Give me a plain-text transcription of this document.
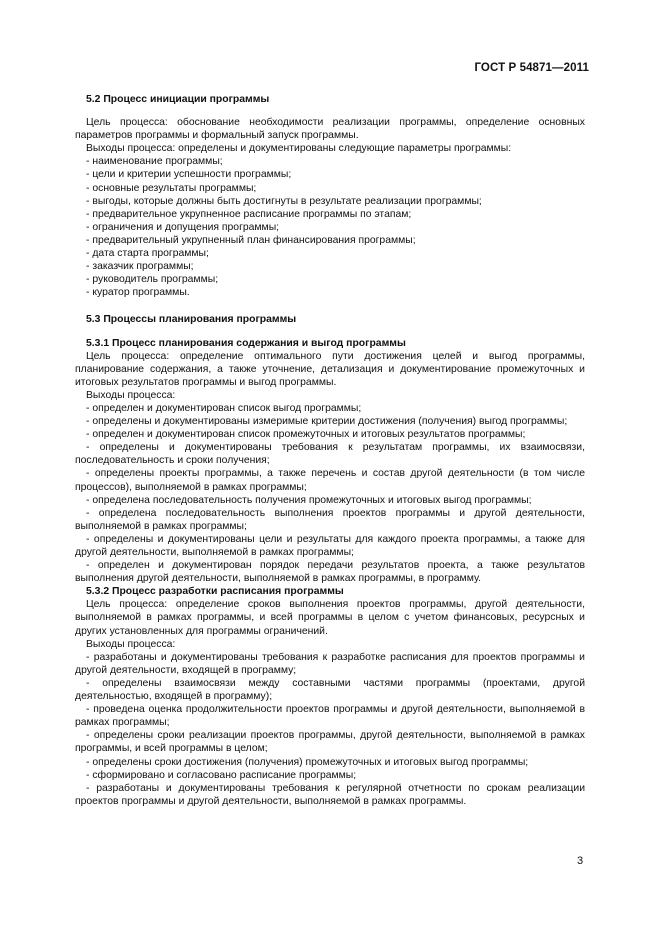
ГОСТ Р 54871—2011

5.2 Процесс инициации программы

Цель процесса: обоснование необходимости реализации программы, определение основных параметров программы и формальный запуск программы.

Выходы процесса: определены и документированы следующие параметры программы:

- наименование программы;

- цели и критерии успешности программы;

- основные результаты программы;

- выгоды, которые должны быть достигнуты в результате реализации программы;

- предварительное укрупненное расписание программы по этапам;

- ограничения и допущения программы;

- предварительный укрупненный план финансирования программы;

- дата старта программы;

- заказчик программы;

- руководитель программы;

- куратор программы.

5.3 Процессы планирования программы

5.3.1 Процесс планирования содержания и выгод программы

Цель процесса: определение оптимального пути достижения целей и выгод программы, планирование содержания, а также уточнение, детализация и документирование промежуточных и итоговых результатов программы и выгод программы.

Выходы процесса:

- определен и документирован список выгод программы;

- определены и документированы измеримые критерии достижения (получения) выгод программы;

- определен и документирован список промежуточных и итоговых результатов программы;

- определены и документированы требования к результатам программы, их взаимосвязи, последовательность и сроки получения;

- определены проекты программы, а также перечень и состав другой деятельности (в том числе процессов), выполняемой в рамках программы;

- определена последовательность получения промежуточных и итоговых выгод программы;

- определена последовательность выполнения проектов программы и другой деятельности, выполняемой в рамках программы;

- определены и документированы цели и результаты для каждого проекта программы, а также для другой деятельности, выполняемой в рамках программы;

- определен и документирован порядок передачи результатов проекта, а также результатов выполнения другой деятельности, выполняемой в рамках программы, в программу.

5.3.2 Процесс разработки расписания программы

Цель процесса: определение сроков выполнения проектов программы, другой деятельности, выполняемой в рамках программы, и всей программы в целом с учетом финансовых, ресурсных и других установленных для программы ограничений.

Выходы процесса:

- разработаны и документированы требования к разработке расписания для проектов программы и другой деятельности, входящей в программу;

- определены взаимосвязи между составными частями программы (проектами, другой деятельностью, входящей в программу);

- проведена оценка продолжительности проектов программы и другой деятельности, выполняемой в рамках программы;

- определены сроки реализации проектов программы, другой деятельности, выполняемой в рамках программы, и всей программы в целом;

- определены сроки достижения (получения) промежуточных и итоговых выгод программы;

- сформировано и согласовано расписание программы;

- разработаны и документированы требования к регулярной отчетности по срокам реализации проектов программы и другой деятельности, выполняемой в рамках программы.

3
